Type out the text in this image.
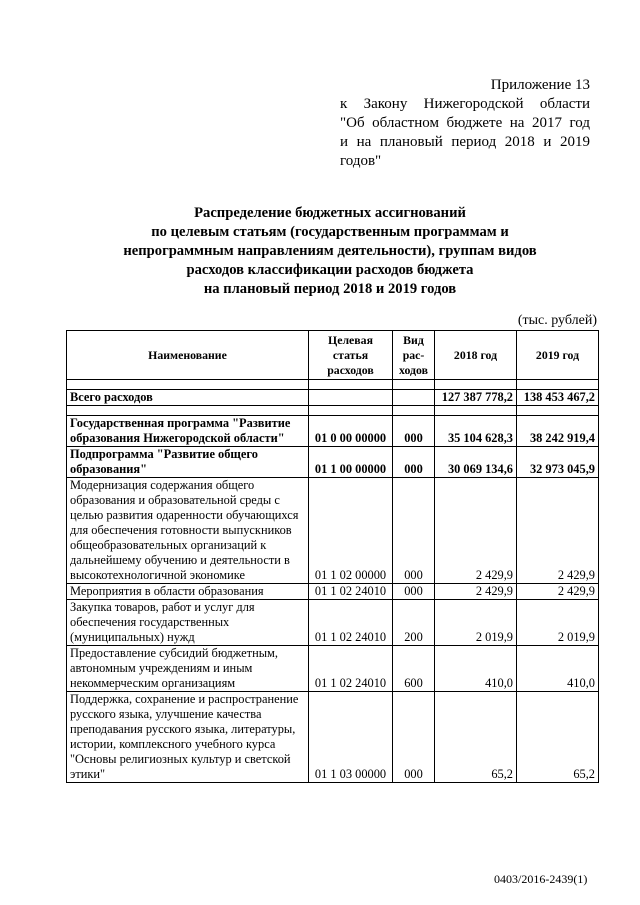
Приложение 13
к Закону Нижегородской области
"Об областном бюджете на 2017 год
и на плановый период 2018 и 2019
годов"
Распределение бюджетных ассигнований
по целевым статьям (государственным программам и
непрограммным направлениям деятельности), группам видов
расходов классификации расходов бюджета
на плановый период 2018 и 2019 годов
(тыс. рублей)
Наименование	Целевая статья расходов	Вид рас-ходов	2018 год	2019 год

Всего расходов			127 387 778,2	138 453 467,2

Государственная программа "Развитие образования Нижегородской области"	01 0 00 00000	000	35 104 628,3	38 242 919,4
Подпрограмма "Развитие общего образования"	01 1 00 00000	000	30 069 134,6	32 973 045,9
Модернизация содержания общего образования и образовательной среды с целью развития одаренности обучающихся для обеспечения готовности выпускников общеобразовательных организаций к дальнейшему обучению и деятельности в высокотехнологичной экономике	01 1 02 00000	000	2 429,9	2 429,9
Мероприятия в области образования	01 1 02 24010	000	2 429,9	2 429,9
Закупка товаров, работ и услуг для обеспечения государственных (муниципальных) нужд	01 1 02 24010	200	2 019,9	2 019,9
Предоставление субсидий бюджетным, автономным учреждениям и иным некоммерческим организациям	01 1 02 24010	600	410,0	410,0
Поддержка, сохранение и распространение русского языка, улучшение качества преподавания русского языка, литературы, истории, комплексного учебного курса "Основы религиозных культур и светской этики"	01 1 03 00000	000	65,2	65,2
0403/2016-2439(1)
